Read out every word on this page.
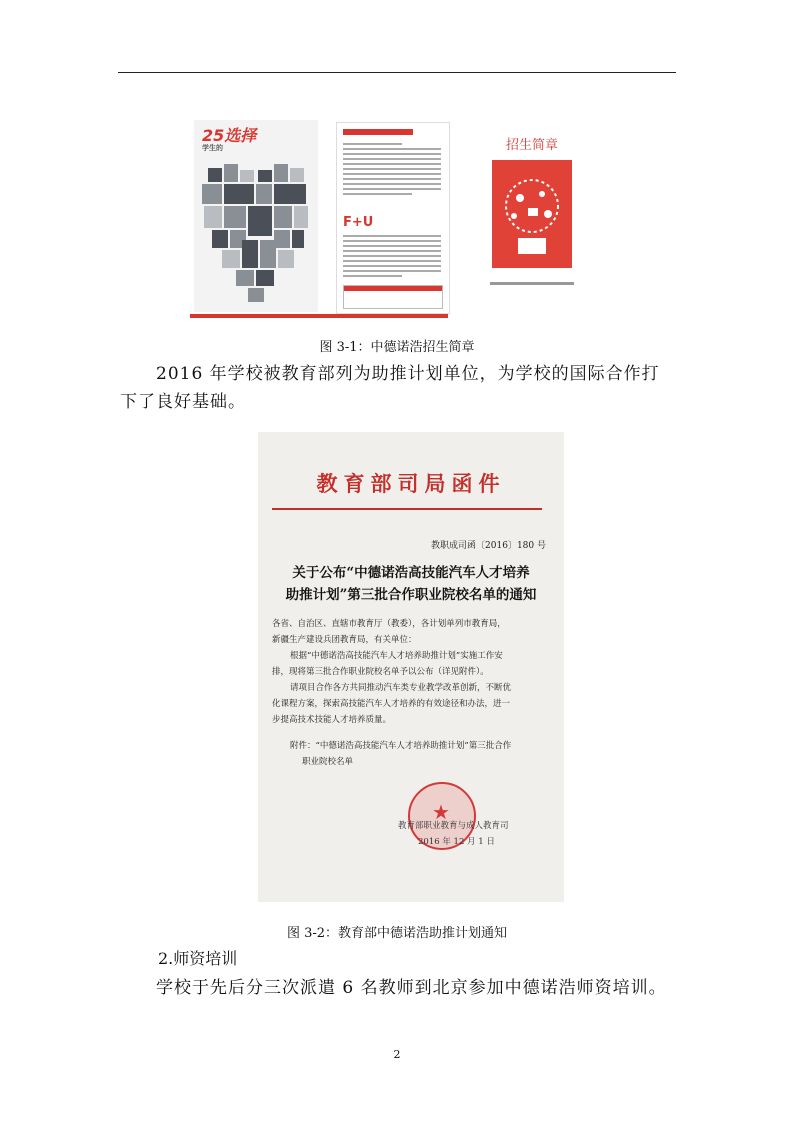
25选择
学生的
F+U
招生简章
图 3-1：中德诺浩招生简章
2016 年学校被教育部列为助推计划单位，为学校的国际合作打
下了良好基础。
教育部司局函件
教职成司函〔2016〕180 号
关于公布“中德诺浩高技能汽车人才培养
助推计划”第三批合作职业院校名单的通知

各省、自治区、直辖市教育厅（教委），各计划单列市教育局，

新疆生产建设兵团教育局，有关单位：

根据“中德诺浩高技能汽车人才培养助推计划”实施工作安

排，现将第三批合作职业院校名单予以公布（详见附件）。

请项目合作各方共同推动汽车类专业教学改革创新，不断优

化课程方案，探索高技能汽车人才培养的有效途径和办法，进一

步提高技术技能人才培养质量。

附件：“中德诺浩高技能汽车人才培养助推计划”第三批合作

职业院校名单

★
教育部职业教育与成人教育司
2016 年 12 月 1 日
图 3-2：教育部中德诺浩助推计划通知
2.师资培训
学校于先后分三次派遣 6 名教师到北京参加中德诺浩师资培训。
2
